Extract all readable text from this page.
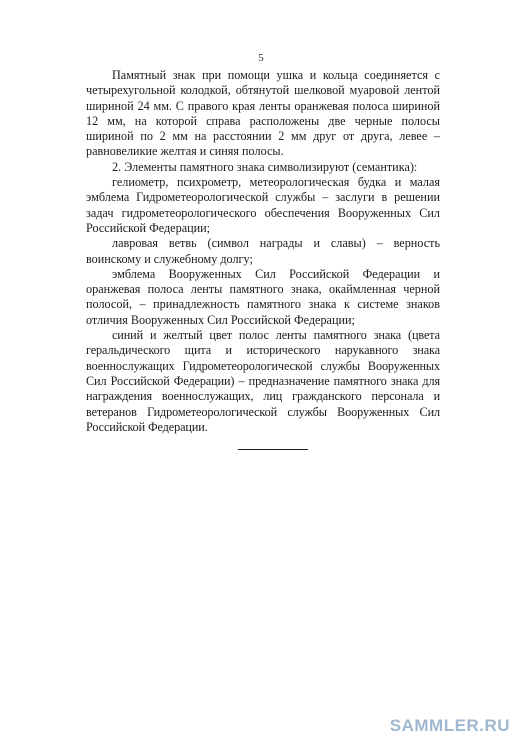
5

Памятный знак при помощи ушка и кольца соединяется с четырехугольной колодкой, обтянутой шелковой муаровой лентой шириной 24 мм. С правого края ленты оранжевая полоса шириной 12 мм, на которой справа расположены две черные полосы шириной по 2 мм на расстоянии 2 мм друг от друга, левее – равновеликие желтая и синяя полосы.

2. Элементы памятного знака символизируют (семантика):

гелиометр, психрометр, метеорологическая будка и малая эмблема Гидрометеорологической службы – заслуги в решении задач гидрометеорологического обеспечения Вооруженных Сил Российской Федерации;

лавровая ветвь (символ награды и славы) – верность воинскому и служебному долгу;

эмблема Вооруженных Сил Российской Федерации и оранжевая полоса ленты памятного знака, окаймленная черной полосой, – принадлежность памятного знака к системе знаков отличия Вооруженных Сил Российской Федерации;

синий и желтый цвет полос ленты памятного знака (цвета геральдического щита и исторического нарукавного знака военнослужащих Гидрометеорологической службы Вооруженных Сил Российской Федерации) – предназначение памятного знака для награждения военнослужащих, лиц гражданского персонала и ветеранов Гидрометеорологической службы Вооруженных Сил Российской Федерации.

SAMMLER.RU
